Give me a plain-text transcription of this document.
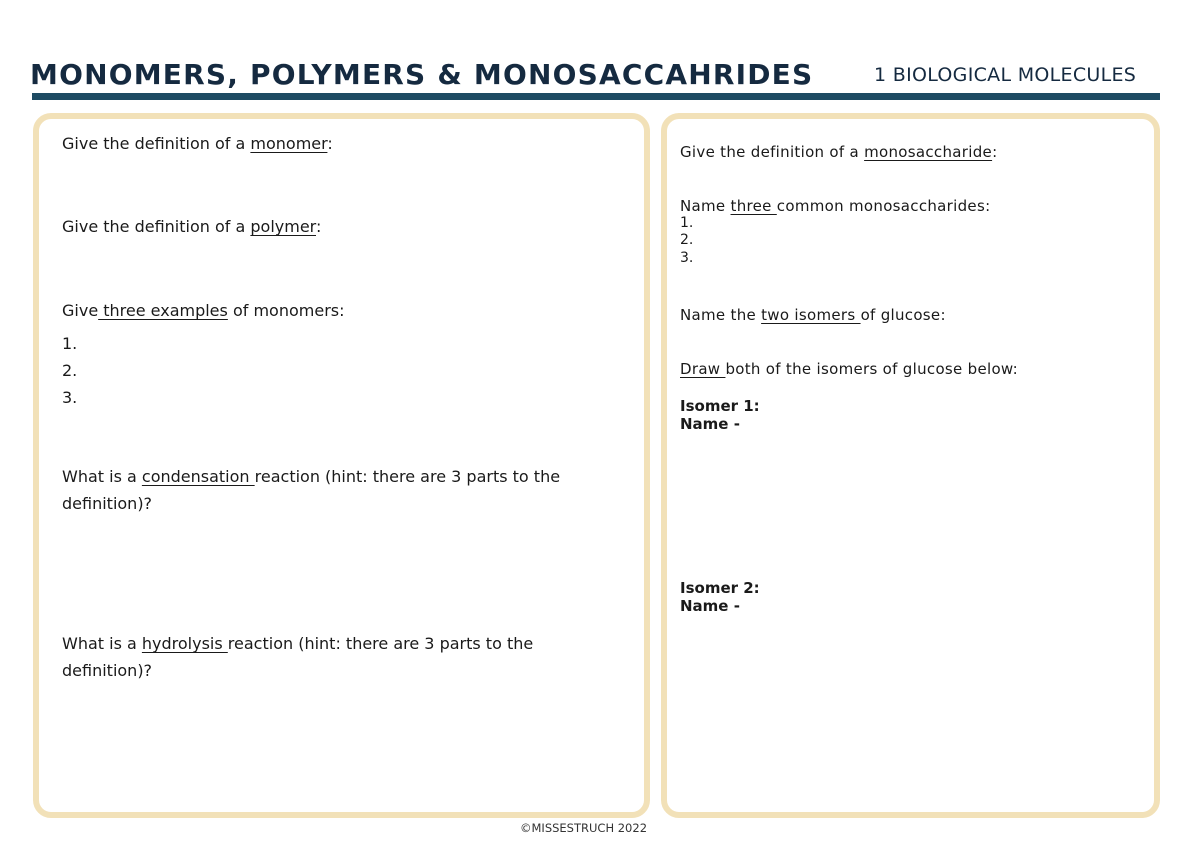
MONOMERS, POLYMERS & MONOSACCAHRIDES	1 BIOLOGICAL MOLECULES
Give the definition of a monomer:
Give the definition of a polymer:
Give three examples of monomers:
1.
2.
3.
What is a condensation reaction (hint: there are 3 parts to the
definition)?
What is a hydrolysis reaction (hint: there are 3 parts to the
definition)?
Give the definition of a monosaccharide:
Name three common monosaccharides:
1.
2.
3.
Name the two isomers of glucose:
Draw both of the isomers of glucose below:
Isomer 1:
Name -
Isomer 2:
Name -
©MISSESTRUCH 2022
